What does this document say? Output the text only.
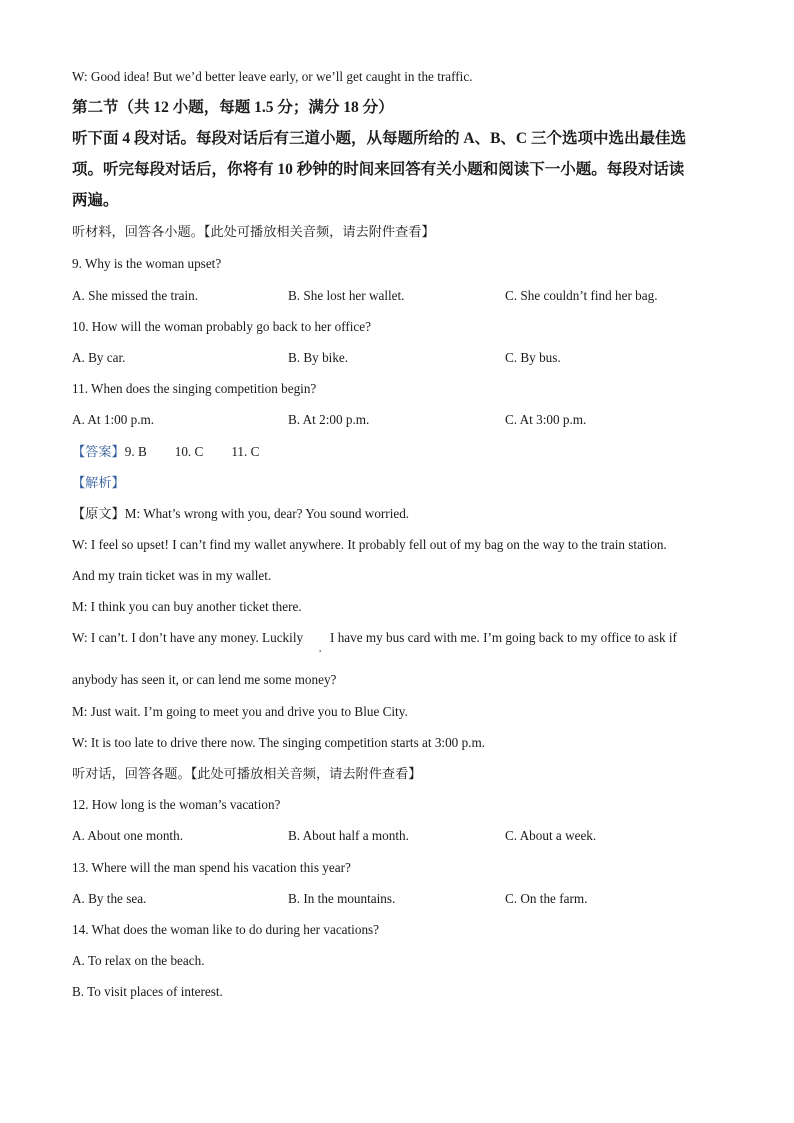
W: Good idea! But we’d better leave early, or we’ll get caught in the traffic.
第二节（共 12 小题，每题 1.5 分；满分 18 分）
听下面 4 段对话。每段对话后有三道小题，从每题所给的 A、B、C 三个选项中选出最佳选
项。听完每段对话后，你将有 10 秒钟的时间来回答有关小题和阅读下一小题。每段对话读
两遍。
听材料，回答各小题。【此处可播放相关音频，请去附件查看】
9. Why is the woman upset?
A. She missed the train.	B. She lost her wallet.	C. She couldn’t find her bag.
10. How will the woman probably go back to her office?
A. By car.	B. By bike.	C. By bus.
11. When does the singing competition begin?
A. At 1:00 p.m.	B. At 2:00 p.m.	C. At 3:00 p.m.
【答案】9. B 10. C 11. C
【解析】
【原文】M: What’s wrong with you, dear? You sound worried.
W: I feel so upset! I can’t find my wallet anywhere. It probably fell out of my bag on the way to the train station.
And my train ticket was in my wallet.
M: I think you can buy another ticket there.
W: I can’t. I don’t have any money. Luckily
,
I have my bus card with me. I’m going back to my office to ask if
anybody has seen it, or can lend me some money?
M: Just wait. I’m going to meet you and drive you to Blue City.
W: It is too late to drive there now. The singing competition starts at 3:00 p.m.
听对话，回答各题。【此处可播放相关音频，请去附件查看】
12. How long is the woman’s vacation?
A. About one month.	B. About half a month.	C. About a week.
13. Where will the man spend his vacation this year?
A. By the sea.	B. In the mountains.	C. On the farm.
14. What does the woman like to do during her vacations?
A. To relax on the beach.
B. To visit places of interest.
